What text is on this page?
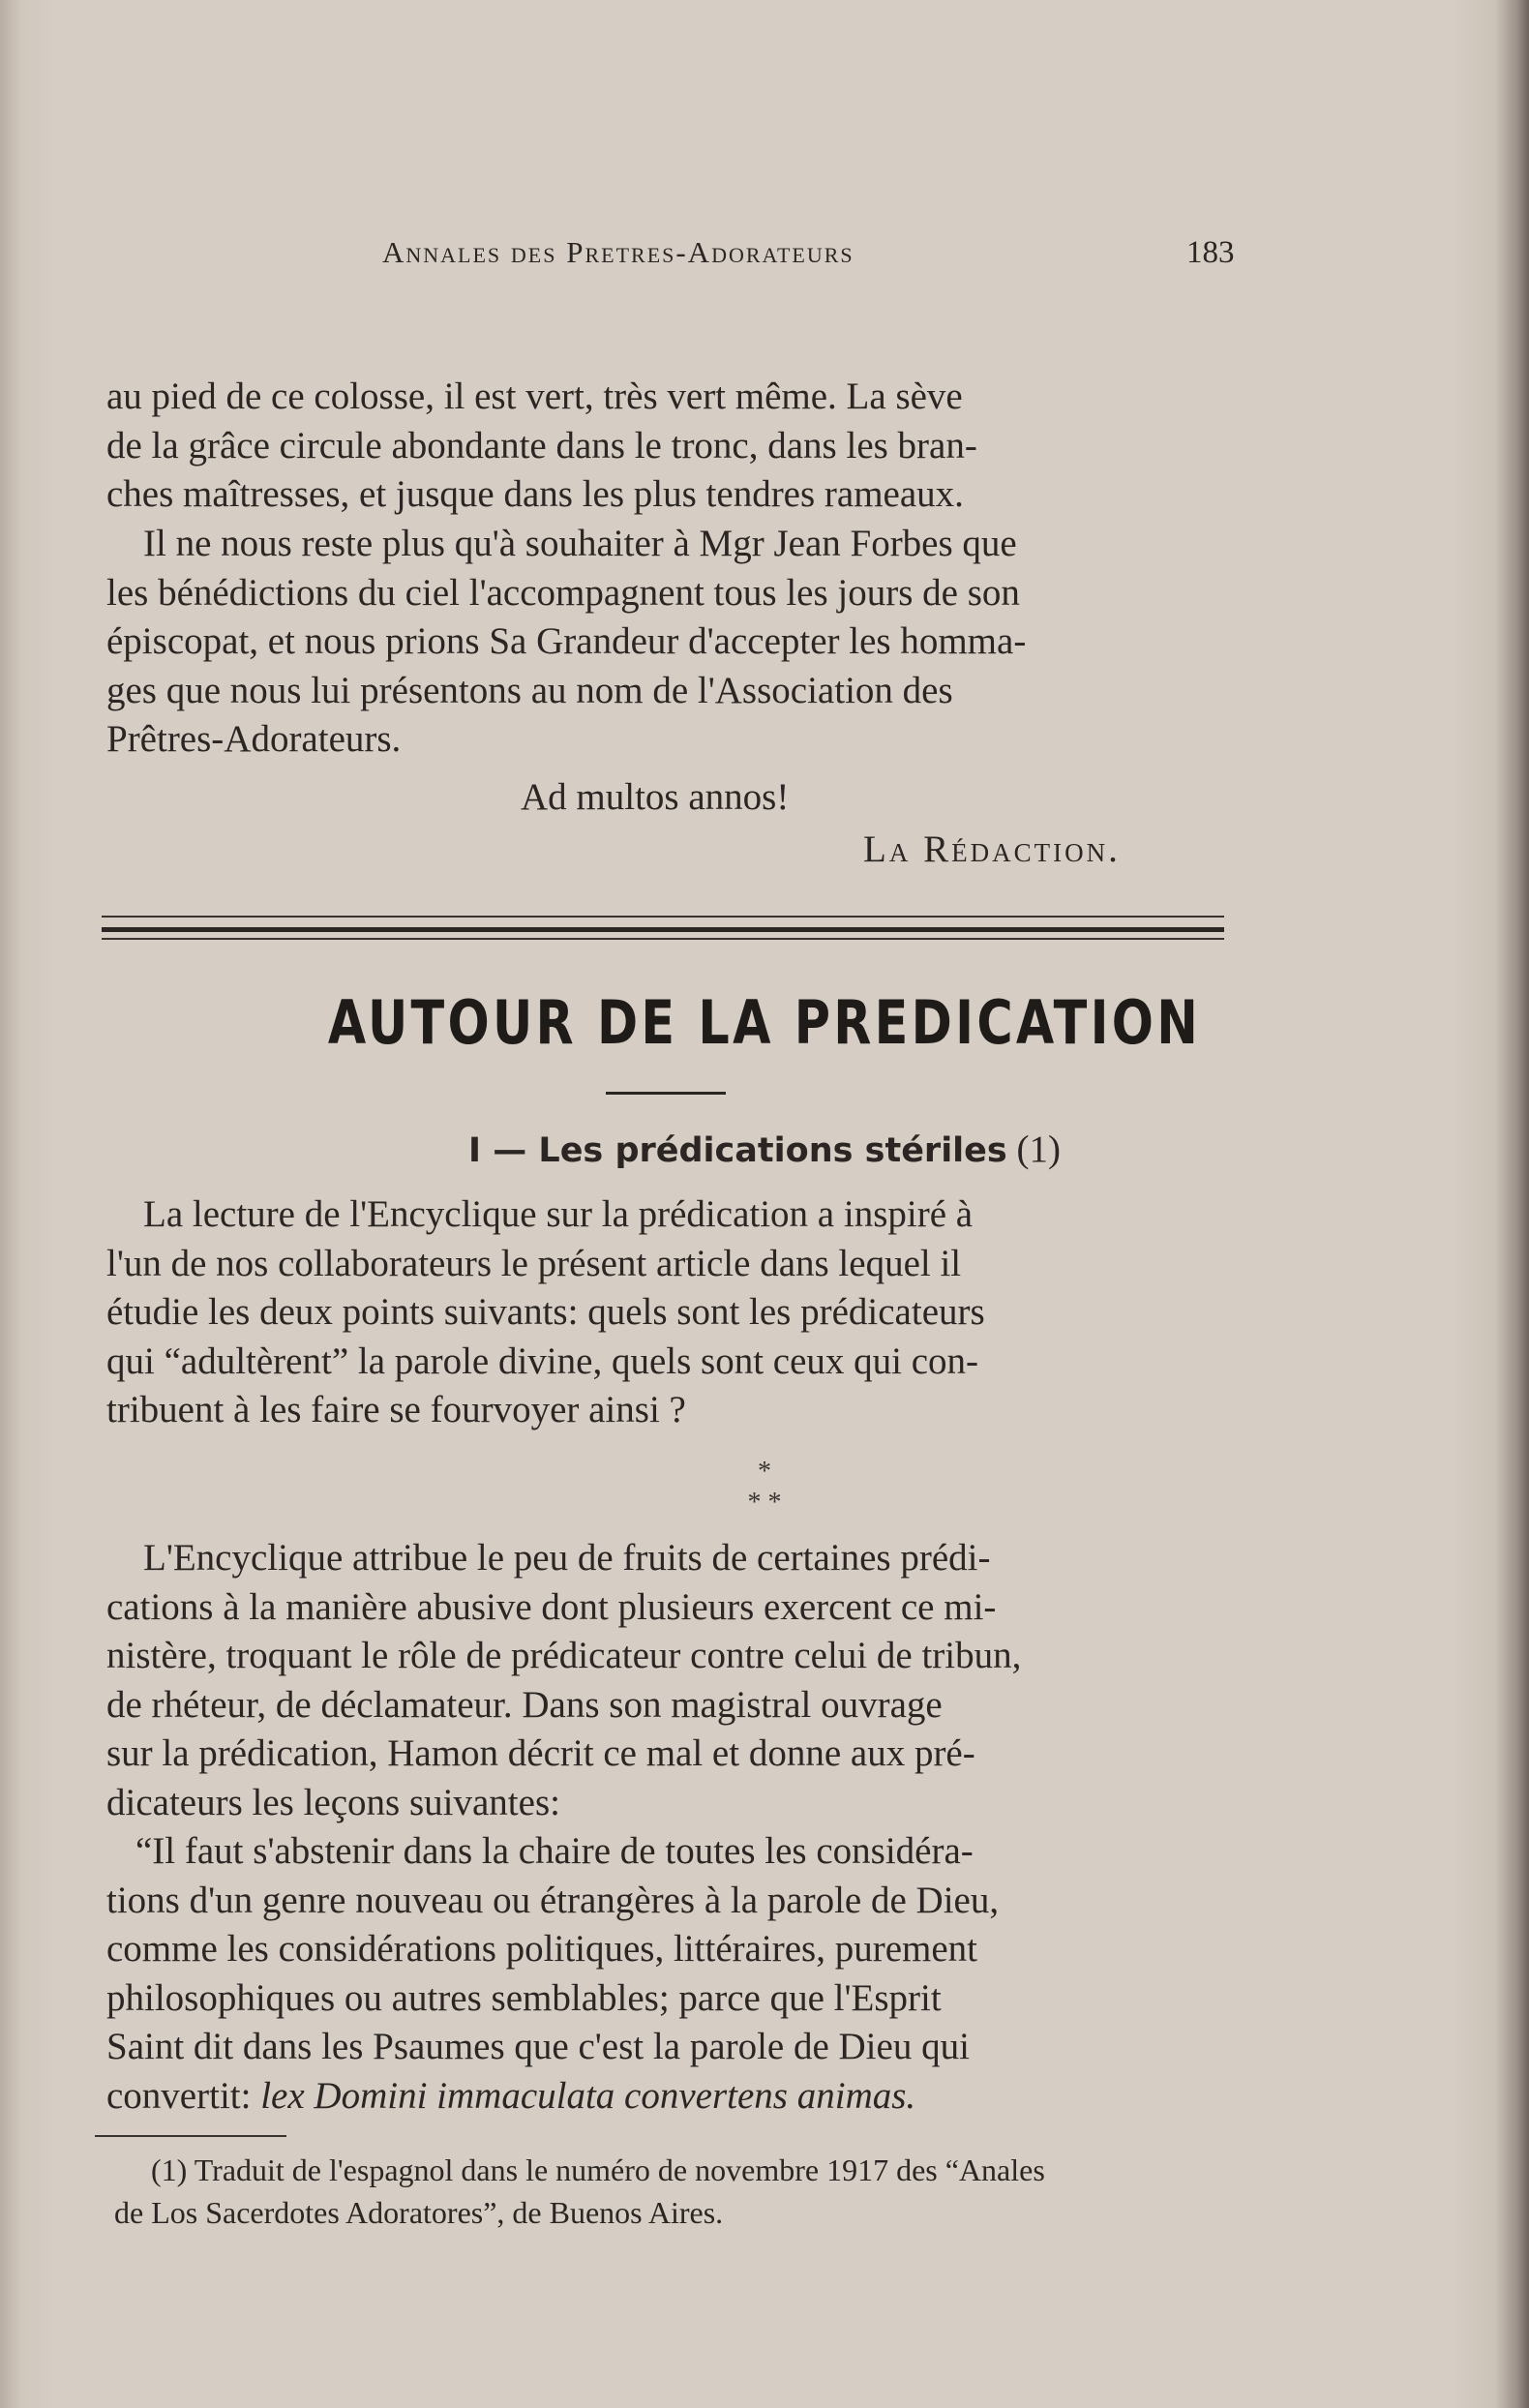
Annales des Pretres-Adorateurs	183
au pied de ce colosse, il est vert, très vert même. La sève
de la grâce circule abondante dans le tronc, dans les bran-
ches maîtresses, et jusque dans les plus tendres rameaux.
Il ne nous reste plus qu'à souhaiter à Mgr Jean Forbes que
les bénédictions du ciel l'accompagnent tous les jours de son
épiscopat, et nous prions Sa Grandeur d'accepter les homma-
ges que nous lui présentons au nom de l'Association des
Prêtres-Adorateurs.
Ad multos annos!
La Rédaction.
AUTOUR DE LA PREDICATION
I — Les prédications stériles (1)
La lecture de l'Encyclique sur la prédication a inspiré à
l'un de nos collaborateurs le présent article dans lequel il
étudie les deux points suivants: quels sont les prédicateurs
qui “adultèrent” la parole divine, quels sont ceux qui con-
tribuent à les faire se fourvoyer ainsi ?
*
* *
L'Encyclique attribue le peu de fruits de certaines prédi-
cations à la manière abusive dont plusieurs exercent ce mi-
nistère, troquant le rôle de prédicateur contre celui de tribun,
de rhéteur, de déclamateur. Dans son magistral ouvrage
sur la prédication, Hamon décrit ce mal et donne aux pré-
dicateurs les leçons suivantes:
“Il faut s'abstenir dans la chaire de toutes les considéra-
tions d'un genre nouveau ou étrangères à la parole de Dieu,
comme les considérations politiques, littéraires, purement
philosophiques ou autres semblables; parce que l'Esprit
Saint dit dans les Psaumes que c'est la parole de Dieu qui
convertit:
lex Domini immaculata convertens animas.
(1) Traduit de l'espagnol dans le numéro de novembre 1917 des “Anales
de Los Sacerdotes Adoratores”, de Buenos Aires.
